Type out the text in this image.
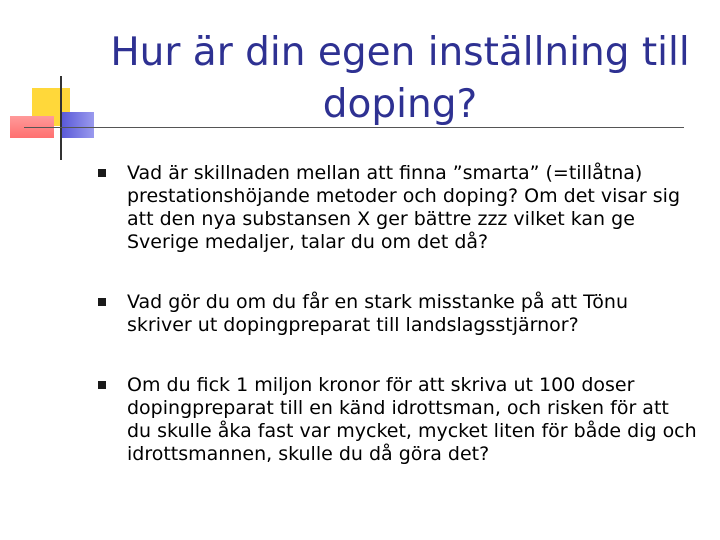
Hur är din egen inställning till doping?
Vad är skillnaden mellan att finna ”smarta” (=tillåtna) prestationshöjande metoder och doping? Om det visar sig att den nya substansen X ger bättre zzz vilket kan ge Sverige medaljer, talar du om det då?
Vad gör du om du får en stark misstanke på att Tönu skriver ut dopingpreparat till landslagsstjärnor?
Om du fick 1 miljon kronor för att skriva ut 100 doser dopingpreparat till en känd idrottsman, och risken för att du skulle åka fast var mycket, mycket liten för både dig och idrottsmannen, skulle du då göra det?
